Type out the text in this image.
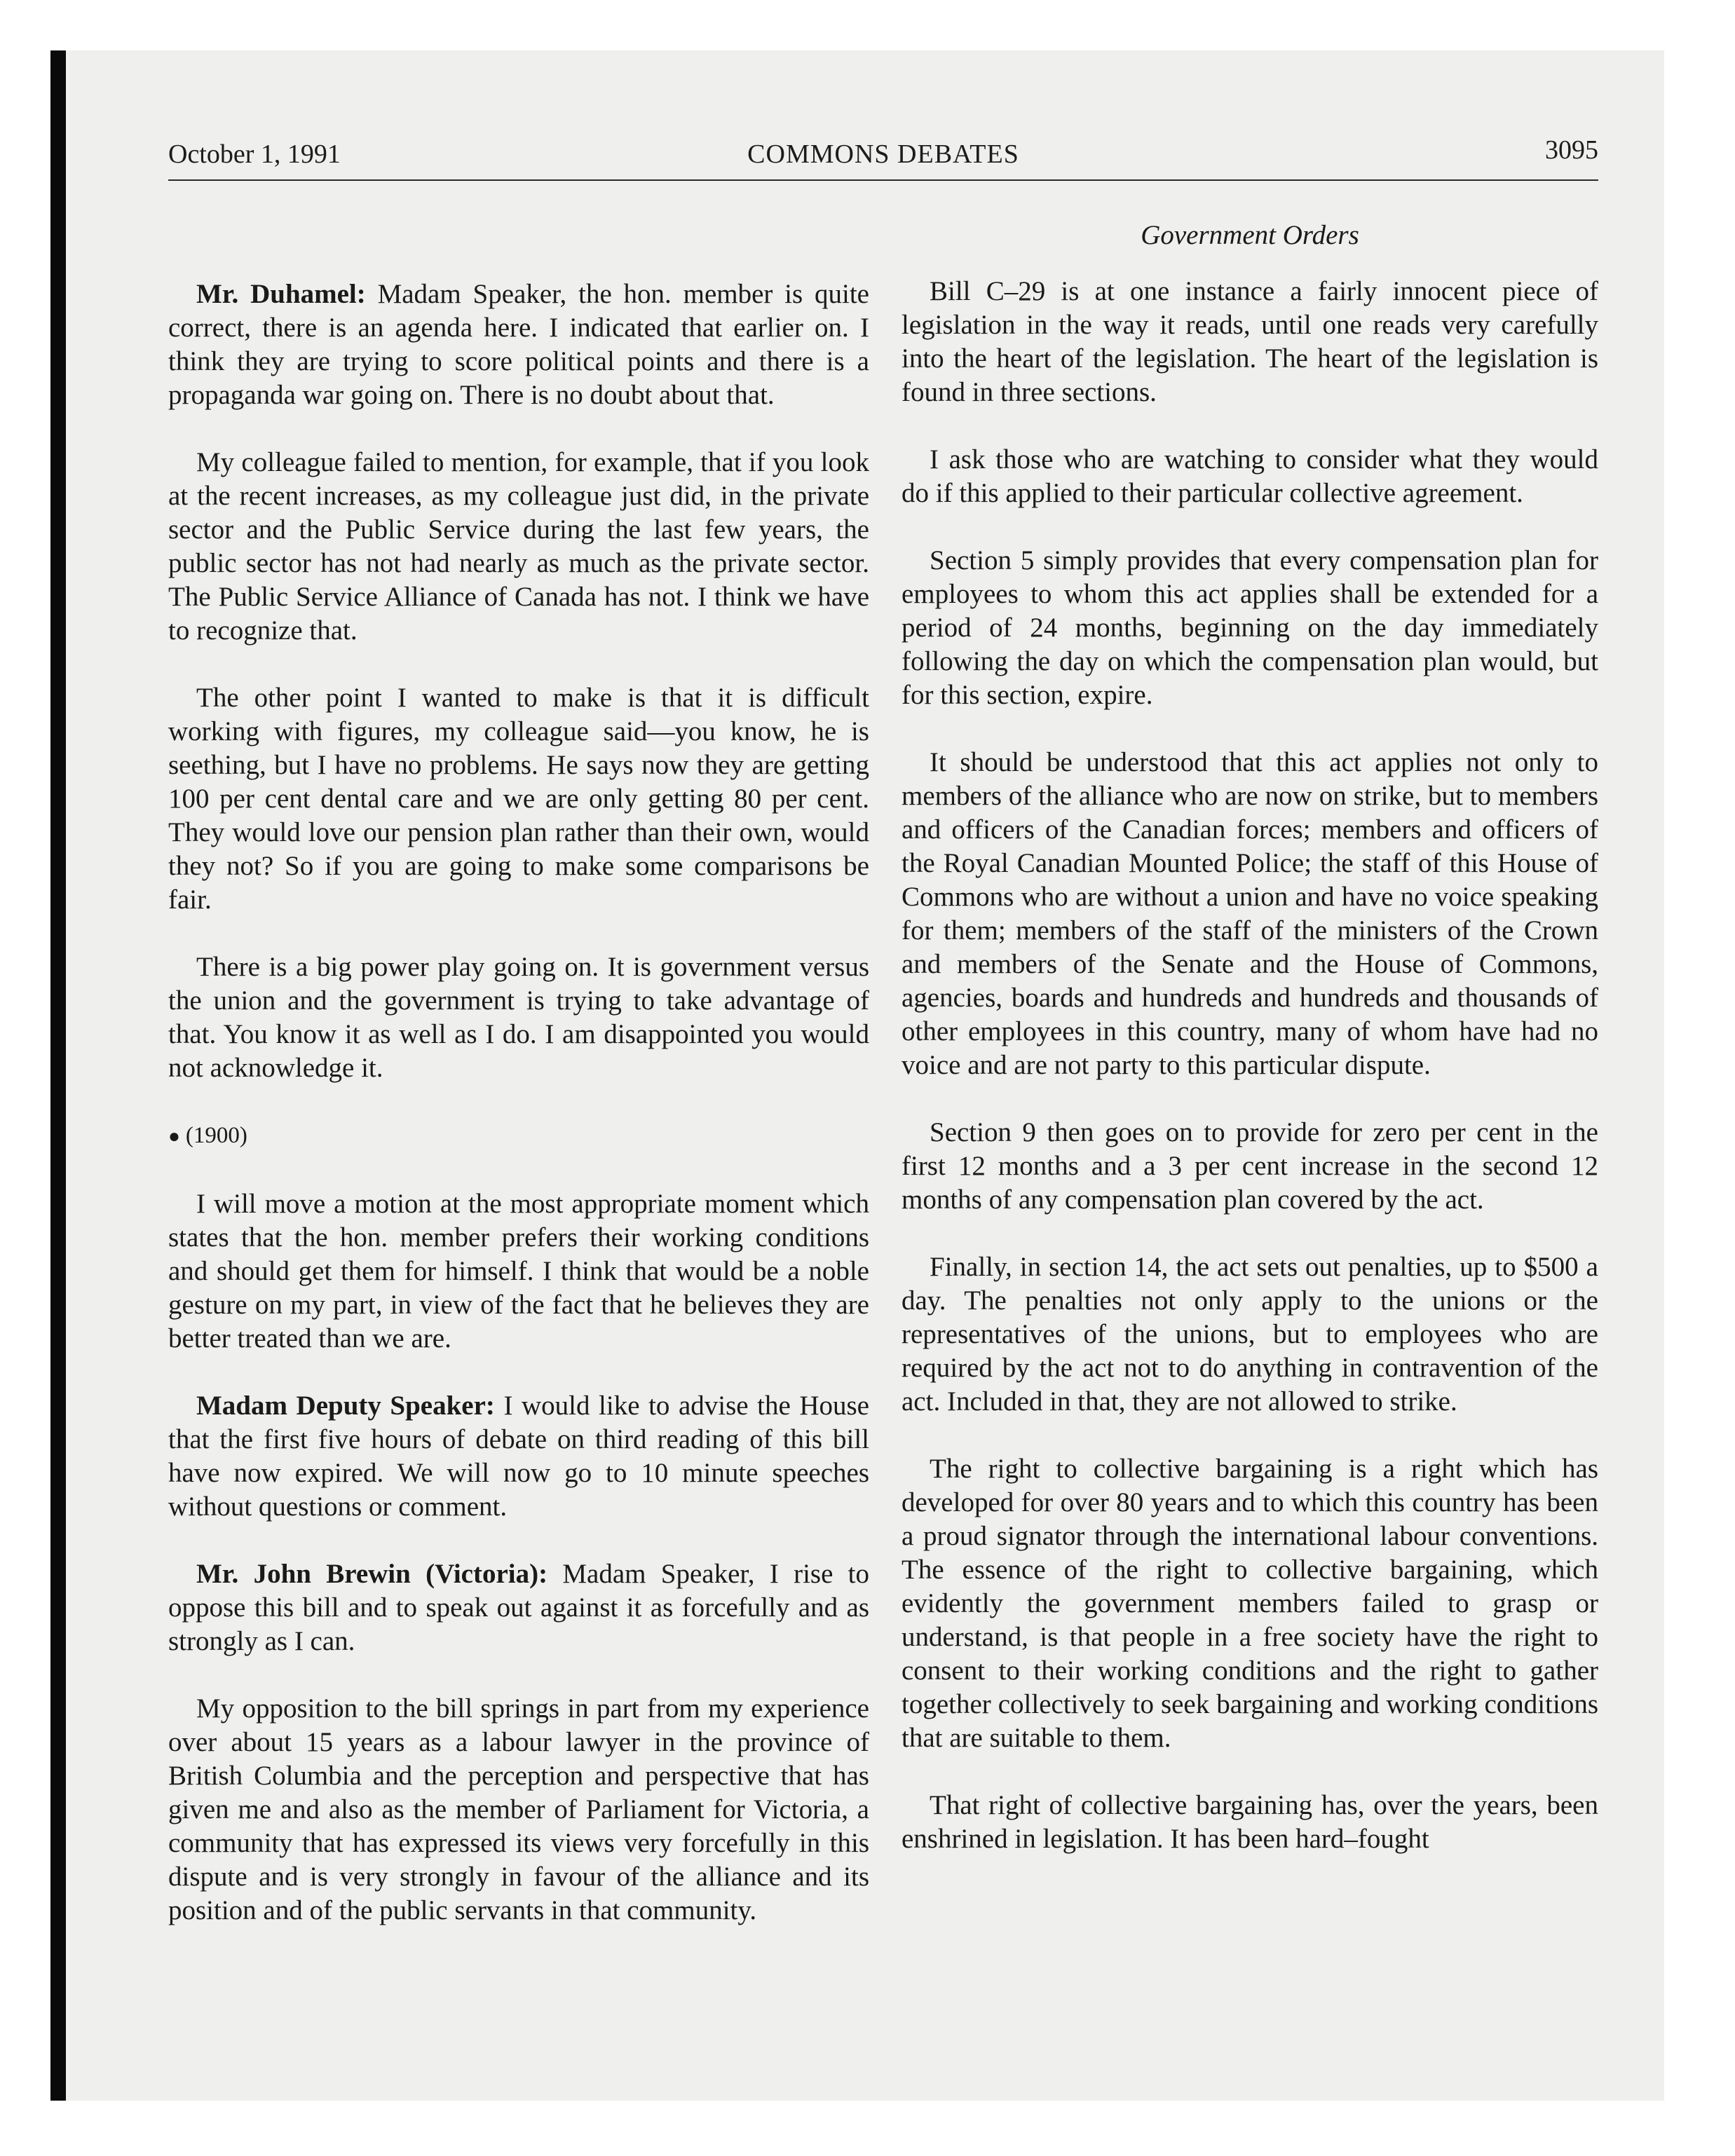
October 1, 1991	COMMONS DEBATES	3095

Mr. Duhamel: Madam Speaker, the hon. member is quite correct, there is an agenda here. I indicated that earlier on. I think they are trying to score political points and there is a propaganda war going on. There is no doubt about that.

My colleague failed to mention, for example, that if you look at the recent increases, as my colleague just did, in the private sector and the Public Service during the last few years, the public sector has not had nearly as much as the private sector. The Public Service Alliance of Canada has not. I think we have to recognize that.

The other point I wanted to make is that it is difficult working with figures, my colleague said—you know, he is seething, but I have no problems. He says now they are getting 100 per cent dental care and we are only getting 80 per cent. They would love our pension plan rather than their own, would they not? So if you are going to make some comparisons be fair.

There is a big power play going on. It is government versus the union and the government is trying to take advantage of that. You know it as well as I do. I am disappointed you would not acknowledge it.

● (1900)

I will move a motion at the most appropriate moment which states that the hon. member prefers their working conditions and should get them for himself. I think that would be a noble gesture on my part, in view of the fact that he believes they are better treated than we are.

Madam Deputy Speaker: I would like to advise the House that the first five hours of debate on third reading of this bill have now expired. We will now go to 10 minute speeches without questions or comment.

Mr. John Brewin (Victoria): Madam Speaker, I rise to oppose this bill and to speak out against it as forcefully and as strongly as I can.

My opposition to the bill springs in part from my experience over about 15 years as a labour lawyer in the province of British Columbia and the perception and perspective that has given me and also as the member of Parliament for Victoria, a community that has expressed its views very forcefully in this dispute and is very strongly in favour of the alliance and its position and of the public servants in that community.

Government Orders

Bill C–29 is at one instance a fairly innocent piece of legislation in the way it reads, until one reads very carefully into the heart of the legislation. The heart of the legislation is found in three sections.

I ask those who are watching to consider what they would do if this applied to their particular collective agreement.

Section 5 simply provides that every compensation plan for employees to whom this act applies shall be extended for a period of 24 months, beginning on the day immediately following the day on which the compensation plan would, but for this section, expire.

It should be understood that this act applies not only to members of the alliance who are now on strike, but to members and officers of the Canadian forces; members and officers of the Royal Canadian Mounted Police; the staff of this House of Commons who are without a union and have no voice speaking for them; members of the staff of the ministers of the Crown and members of the Senate and the House of Commons, agencies, boards and hundreds and hundreds and thousands of other employees in this country, many of whom have had no voice and are not party to this particular dispute.

Section 9 then goes on to provide for zero per cent in the first 12 months and a 3 per cent increase in the second 12 months of any compensation plan covered by the act.

Finally, in section 14, the act sets out penalties, up to $500 a day. The penalties not only apply to the unions or the representatives of the unions, but to employees who are required by the act not to do anything in contravention of the act. Included in that, they are not allowed to strike.

The right to collective bargaining is a right which has developed for over 80 years and to which this country has been a proud signator through the international labour conventions. The essence of the right to collective bargaining, which evidently the government members failed to grasp or understand, is that people in a free society have the right to consent to their working conditions and the right to gather together collectively to seek bargaining and working conditions that are suitable to them.

That right of collective bargaining has, over the years, been enshrined in legislation. It has been hard–fought
